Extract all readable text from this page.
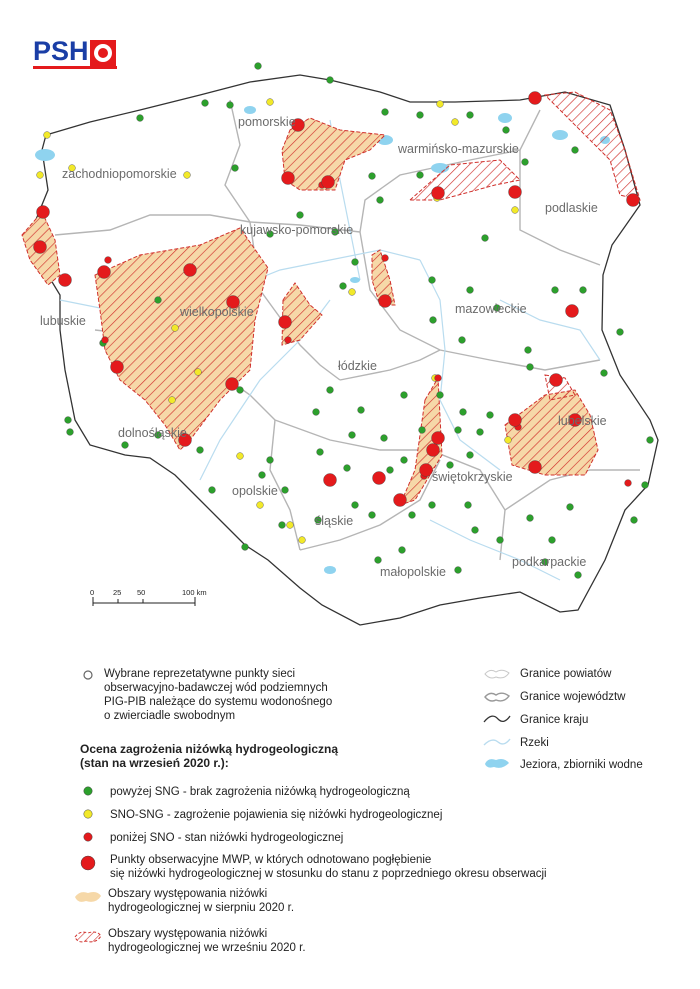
pomorskie
zachodniopomorskie
warmińsko-mazurskie
podlaskie
kujawsko-pomorskie
lubuskie
wielkopolskie	mazowieckie
łódzkie
lubelskie
dolnośląskie
świętokrzyskie
opolskie
śląskie
małopolskie
podkarpackie
PSH
0	25 50	100 km
Wybrane reprezetatywne punkty sieci
obserwacyjno-badawczej wód podziemnych
PIG-PIB należące do systemu wodonośnego
o zwierciadle swobodnym
Granice powiatów
Granice województw
Granice kraju
Rzeki
Jeziora, zbiorniki wodne
Ocena zagrożenia niżówką hydrogeologiczną
(stan na wrzesień 2020 r.):
powyżej SNG - brak zagrożenia niżówką hydrogeologiczną
SNO-SNG - zagrożenie pojawienia się niżówki hydrogeologicznej
poniżej SNO - stan niżówki hydrogeologicznej
Punkty obserwacyjne MWP, w których odnotowano pogłębienie
się niżówki hydrogeologicznej w stosunku do stanu z poprzedniego okresu obserwacji
Obszary występowania niżówki
hydrogeologicznej w sierpniu 2020 r.
Obszary występowania niżówki
hydrogeologicznej we wrześniu 2020 r.
